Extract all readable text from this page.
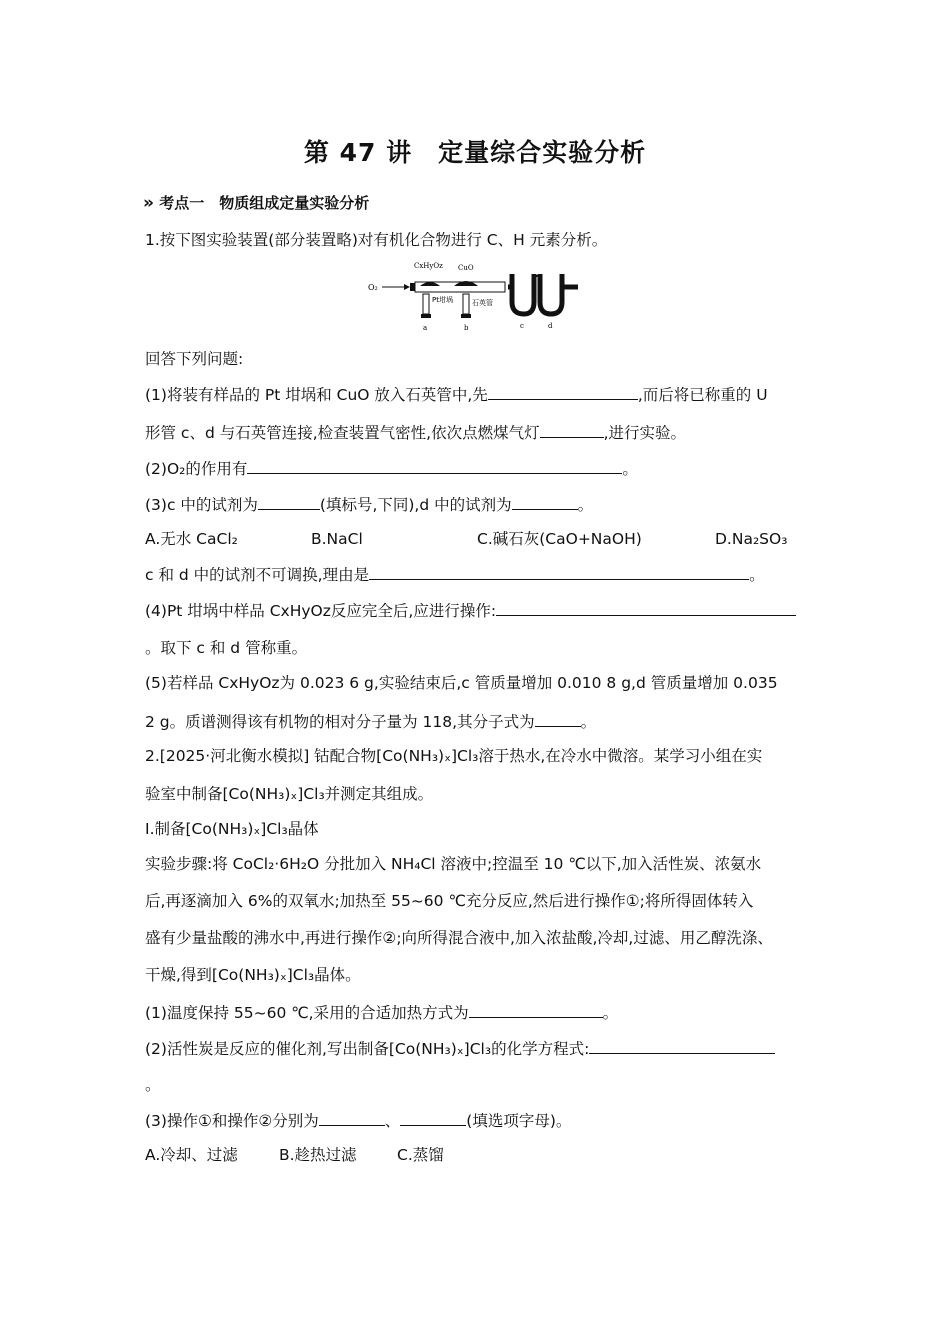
第 47 讲　定量综合实验分析
» 考点一　物质组成定量实验分析
1.按下图实验装置(部分装置略)对有机化合物进行 C、H 元素分析。
O₂
CxHyOz CuO
Pt坩埚	石英管
a	b	c	d
回答下列问题:
(1)将装有样品的 Pt 坩埚和 CuO 放入石英管中,先	,而后将已称重的 U
形管 c、d 与石英管连接,检查装置气密性,依次点燃煤气灯	,进行实验。
(2)O₂的作用有	。
(3)c 中的试剂为	(填标号,下同),d 中的试剂为	。
A.无水 CaCl₂	B.NaCl	C.碱石灰(CaO+NaOH)	D.Na₂SO₃
c 和 d 中的试剂不可调换,理由是	。
(4)Pt 坩埚中样品 CxHyOz反应完全后,应进行操作:
。取下 c 和 d 管称重。
(5)若样品 CxHyOz为 0.023 6 g,实验结束后,c 管质量增加 0.010 8 g,d 管质量增加 0.035
2 g。质谱测得该有机物的相对分子量为 118,其分子式为	。
2.[2025·河北衡水模拟] 钴配合物[Co(NH₃)ₓ]Cl₃溶于热水,在冷水中微溶。某学习小组在实
验室中制备[Co(NH₃)ₓ]Cl₃并测定其组成。
Ⅰ.制备[Co(NH₃)ₓ]Cl₃晶体
实验步骤:将 CoCl₂·6H₂O 分批加入 NH₄Cl 溶液中;控温至 10 ℃以下,加入活性炭、浓氨水
后,再逐滴加入 6%的双氧水;加热至 55~60 ℃充分反应,然后进行操作①;将所得固体转入
盛有少量盐酸的沸水中,再进行操作②;向所得混合液中,加入浓盐酸,冷却,过滤、用乙醇洗涤、
干燥,得到[Co(NH₃)ₓ]Cl₃晶体。
(1)温度保持 55~60 ℃,采用的合适加热方式为	。
(2)活性炭是反应的催化剂,写出制备[Co(NH₃)ₓ]Cl₃的化学方程式:
。
(3)操作①和操作②分别为	、	(填选项字母)。
A.冷却、过滤	B.趁热过滤	C.蒸馏
